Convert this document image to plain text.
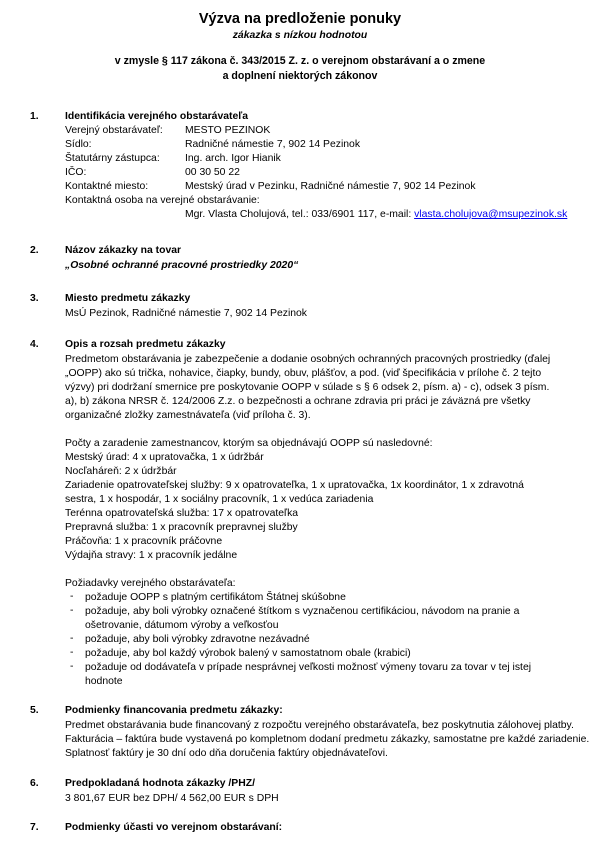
Výzva na predloženie ponuky
zákazka s nízkou hodnotou
v zmysle § 117 zákona č. 343/2015 Z. z. o verejnom obstarávaní a o zmene
a doplnení niektorých zákonov
1.	Identifikácia verejného obstarávateľa
Verejný obstarávateľ: MESTO PEZINOK
Sídlo:	Radničné námestie 7, 902 14 Pezinok
Štatutárny zástupca: Ing. arch. Igor Hianik
IČO:	00 30 50 22
Kontaktné miesto:	Mestský úrad v Pezinku, Radničné námestie 7, 902 14 Pezinok
Kontaktná osoba na verejné obstarávanie:
Mgr. Vlasta Cholujová, tel.: 033/6901 117, e-mail: vlasta.cholujova@msupezinok.sk
2.	Názov zákazky na tovar
„Osobné ochranné pracovné prostriedky 2020“
3.	Miesto predmetu zákazky
MsÚ Pezinok, Radničné námestie 7, 902 14 Pezinok
4.	Opis a rozsah predmetu zákazky
Predmetom obstarávania je zabezpečenie a dodanie osobných ochranných pracovných prostriedky (ďalej
„OOPP) ako sú trička, nohavice, čiapky, bundy, obuv, plášťov, a pod. (viď špecifikácia v prílohe č. 2 tejto
výzvy) pri dodržaní smernice pre poskytovanie OOPP v súlade s § 6 odsek 2, písm. a) - c), odsek 3 písm.
a), b) zákona NRSR č. 124/2006 Z.z. o bezpečnosti a ochrane zdravia pri práci je záväzná pre všetky
organizačné zložky zamestnávateľa (viď príloha č. 3).
Počty a zaradenie zamestnancov, ktorým sa objednávajú OOPP sú nasledovné:
Mestský úrad: 4 x upratovačka, 1 x údržbár
Nocľaháreň: 2 x údržbár
Zariadenie opatrovateľskej služby: 9 x opatrovateľka, 1 x upratovačka, 1x koordinátor, 1 x zdravotná
sestra, 1 x hospodár, 1 x sociálny pracovník, 1 x vedúca zariadenia
Terénna opatrovateľská služba: 17 x opatrovateľka
Prepravná služba: 1 x pracovník prepravnej služby
Práčovňa: 1 x pracovník práčovne
Výdajňa stravy: 1 x pracovník jedálne
Požiadavky verejného obstarávateľa:
- požaduje OOPP s platným certifikátom Štátnej skúšobne
- požaduje, aby boli výrobky označené štítkom s vyznačenou certifikáciou, návodom na pranie a
ošetrovanie, dátumom výroby a veľkosťou
- požaduje, aby boli výrobky zdravotne nezávadné
- požaduje, aby bol každý výrobok balený v samostatnom obale (krabici)
- požaduje od dodávateľa v prípade nesprávnej veľkosti možnosť výmeny tovaru za tovar v tej istej
hodnote
5.	Podmienky financovania predmetu zákazky:
Predmet obstarávania bude financovaný z rozpočtu verejného obstarávateľa, bez poskytnutia zálohovej platby.
Fakturácia – faktúra bude vystavená po kompletnom dodaní predmetu zákazky, samostatne pre každé zariadenie.
Splatnosť faktúry je 30 dní odo dňa doručenia faktúry objednávateľovi.
6.	Predpokladaná hodnota zákazky /PHZ/
3 801,67 EUR bez DPH/ 4 562,00 EUR s DPH
7.	Podmienky účasti vo verejnom obstarávaní:
